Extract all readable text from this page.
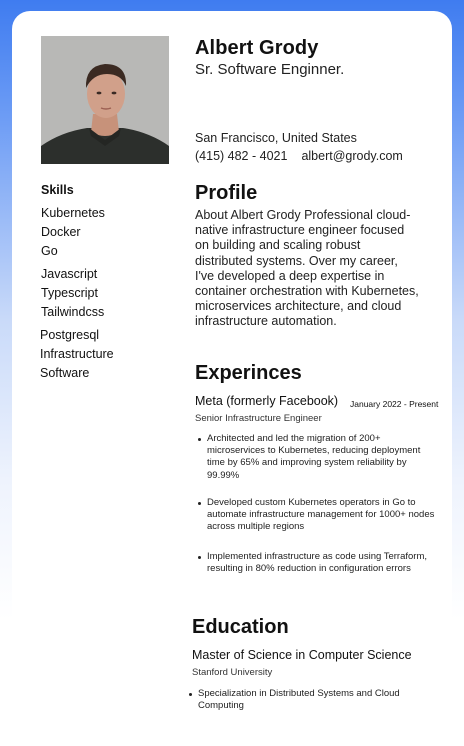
Albert Grody
Sr. Software Enginner.
San Francisco, United States
(415) 482 - 4021 albert@grody.com
Skills
Kubernetes
Docker
Go
Javascript
Typescript
Tailwindcss
Postgresql
Infrastructure
Software
Profile
About Albert Grody Professional cloud-native infrastructure engineer focused on building and scaling robust distributed systems. Over my career, I've developed a deep expertise in container orchestration with Kubernetes, microservices architecture, and cloud infrastructure automation.
Experinces
Meta (formerly Facebook) January 2022 - Present
Senior Infrastructure Engineer
Architected and led the migration of 200+ microservices to Kubernetes, reducing deployment time by 65% and improving system reliability by 99.99%
Developed custom Kubernetes operators in Go to automate infrastructure management for 1000+ nodes across multiple regions
Implemented infrastructure as code using Terraform, resulting in 80% reduction in configuration errors
Education
Master of Science in Computer Science
Stanford University
Specialization in Distributed Systems and Cloud Computing
